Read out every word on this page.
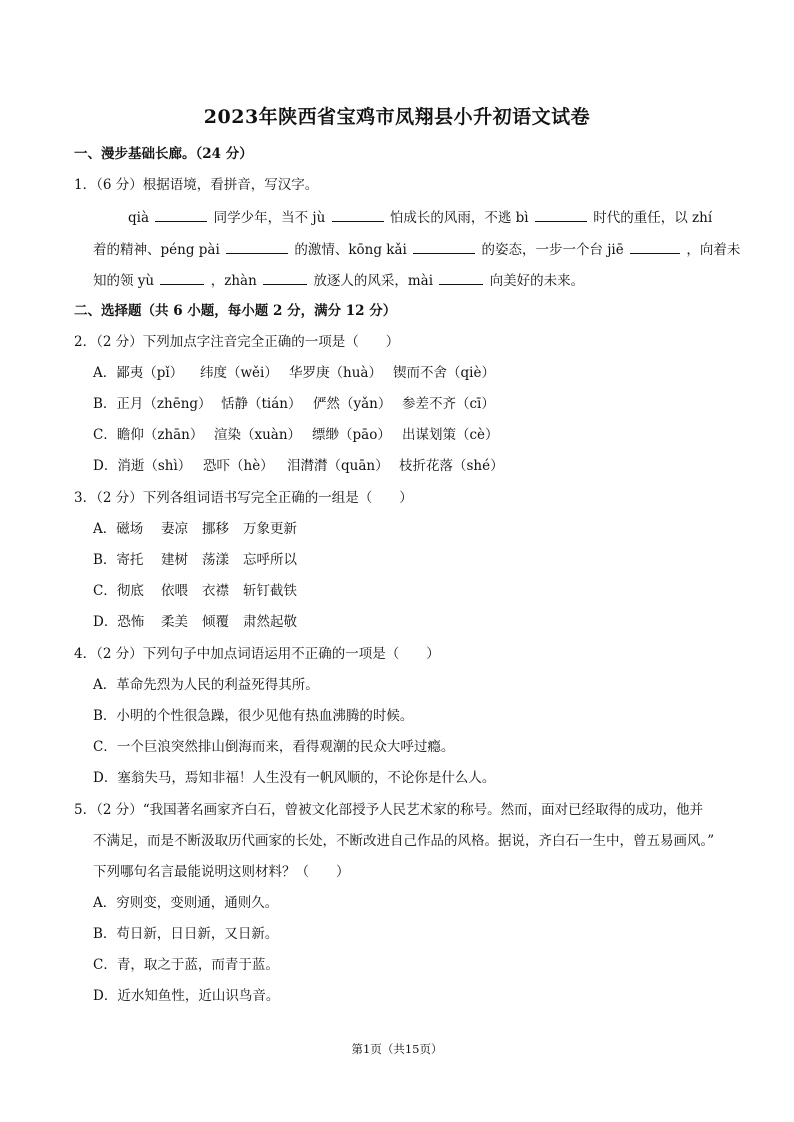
2023年陕西省宝鸡市凤翔县小升初语文试卷
一、漫步基础长廊。（24 分）
1．（6 分）根据语境，看拼音，写汉字。
qià	同学少年，当不 jù	怕成长的风雨，不逃 bì	时代的重任，以 zhí
着的精神、péng pài	的激情、kōng kǎi	的姿态，一步一个台 jiē	，向着未
知的领 yù	，zhàn	放逐人的风采，mài	向美好的未来。
二、选择题（共 6 小题，每小题 2 分，满分 12 分）
2．（2 分）下列加点字注音完全正确的一项是（　　）
A．鄙夷（pǐ） 纬度（wěi） 华罗庚（huà） 锲而不舍（qiè）
B．正月（zhēng） 恬静（tián） 俨然（yǎn） 参差不齐（cī）
C．瞻仰（zhān） 渲染（xuàn） 缥缈（pāo） 出谋划策（cè）
D．消逝（shì） 恐吓（hè） 泪潸潸（quān） 枝折花落（shé）
3．（2 分）下列各组词语书写完全正确的一组是（　　）
A．磁场 妻凉 挪移 万象更新
B．寄托 建树 荡漾 忘呼所以
C．彻底 依喂 衣襟 斩钉截铁
D．恐怖 柔美 倾覆 肃然起敬
4．（2 分）下列句子中加点词语运用不正确的一项是（　　）
A．革命先烈为人民的利益死得其所。
B．小明的个性很急躁，很少见他有热血沸腾的时候。
C．一个巨浪突然排山倒海而来，看得观潮的民众大呼过瘾。
D．塞翁失马，焉知非福！人生没有一帆风顺的，不论你是什么人。
5．（2 分）“我国著名画家齐白石，曾被文化部授予人民艺术家的称号。然而，面对已经取得的成功，他并
不满足，而是不断汲取历代画家的长处，不断改进自己作品的风格。据说，齐白石一生中，曾五易画风。”
下列哪句名言最能说明这则材料？（　　）
A．穷则变，变则通，通则久。
B．苟日新，日日新，又日新。
C．青，取之于蓝，而青于蓝。
D．近水知鱼性，近山识鸟音。
第1页（共15页）
